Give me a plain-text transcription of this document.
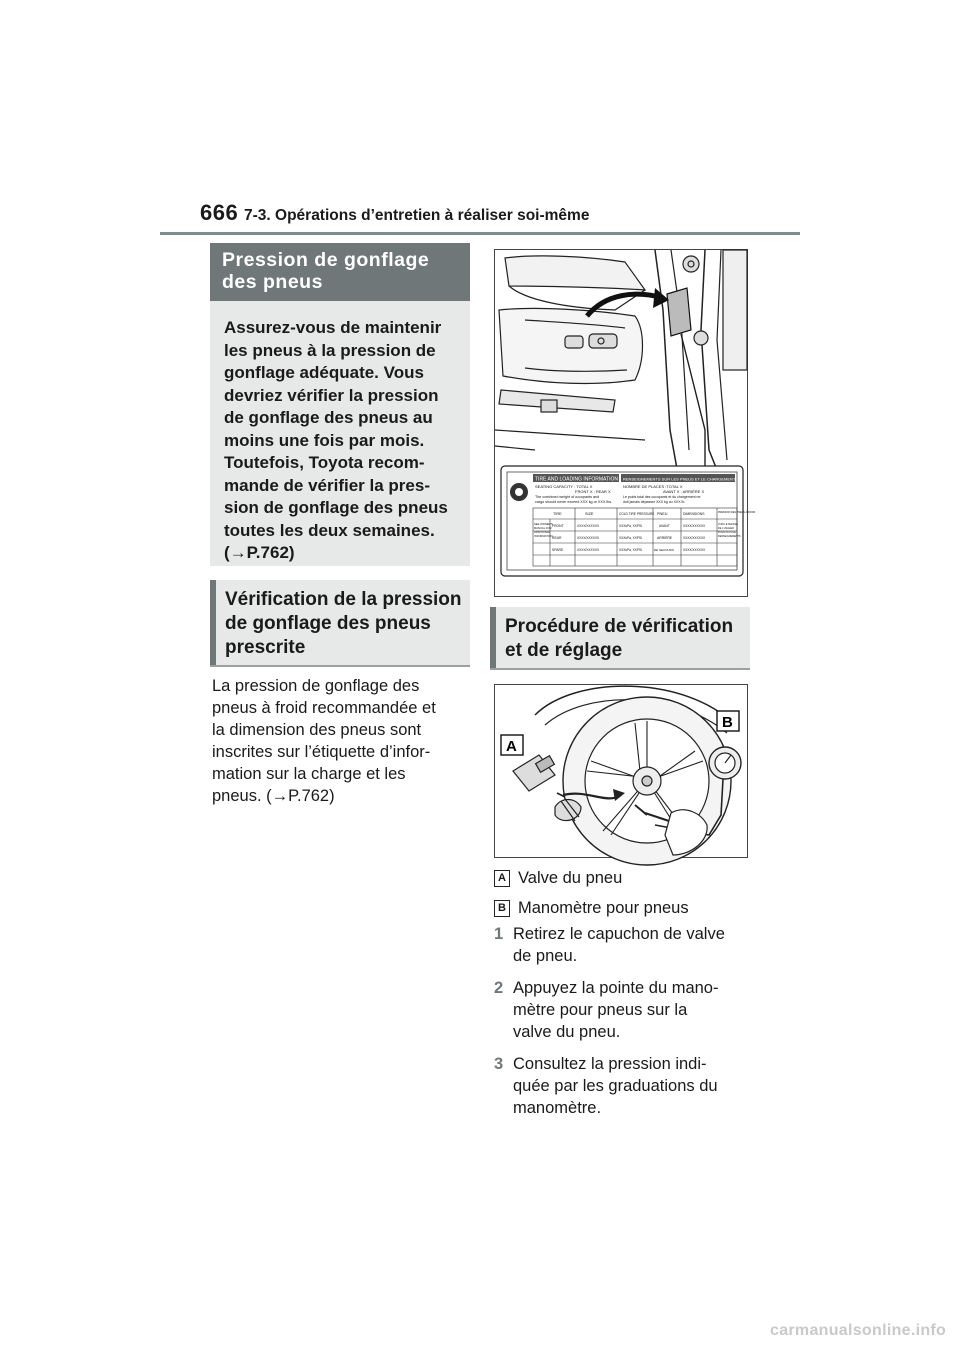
666 7-3. Opérations d’entretien à réaliser soi-même
Pression de gonflage
des pneus
Assurez-vous de maintenir
les pneus à la pression de
gonflage adéquate. Vous
devriez vérifier la pression
de gonflage des pneus au
moins une fois par mois.
Toutefois, Toyota recom-
mande de vérifier la pres-
sion de gonflage des pneus
toutes les deux semaines.
(→P.762)
Vérification de la pression
de gonflage des pneus
prescrite
La pression de gonflage des
pneus à froid recommandée et
la dimension des pneus sont
inscrites sur l’étiquette d’infor-
mation sur la charge et les
pneus. (→P.762)
TIRE AND LOADING INFORMATION RENSEIGNEMENTS SUR LES PNEUS ET LE CHARGEMENT
SEATING CAPACITY : TOTAL X
FRONT X ; REAR X
The combined weight of occupants and
cargo should never exceed XXX kg or XXX lbs.
NOMBRE DE PLACES :TOTAL X
AVANT X ; ARRIÈRE X
Le poids total des occupants et du chargement ne
doit jamais dépasser XXX kg ou XXX lb.
TIRE	SIZE	COLD TIRE PRESSURE PNEU	DIMENSIONS	PRESSION DES PNEUS À FROID
SEE OWNER'S
MANUAL FOR
ADDITIONAL
INFORMATION
VOIR LE MANUEL
DE L'USAGER
POUR PLUS DE
RENSEIGNEMENTS
FRONT	XXXX/XXXXXX	XXXkPa, XXPSI	AVANT	XXXX/XXXXXX
REAR	XXXX/XXXXXX	XXXkPa, XXPSI	ARRIÈRE	XXXX/XXXXXX
SPARE	XXXX/XXXXXX	XXXkPa, XXPSI	DE SECOURS	XXXX/XXXXXX
Procédure de vérification
et de réglage
A
B
A Valve du pneu
B Manomètre pour pneus
1 Retirez le capuchon de valve
de pneu.
2 Appuyez la pointe du mano-
mètre pour pneus sur la
valve du pneu.
3 Consultez la pression indi-
quée par les graduations du
manomètre.
carmanualsonline.info
